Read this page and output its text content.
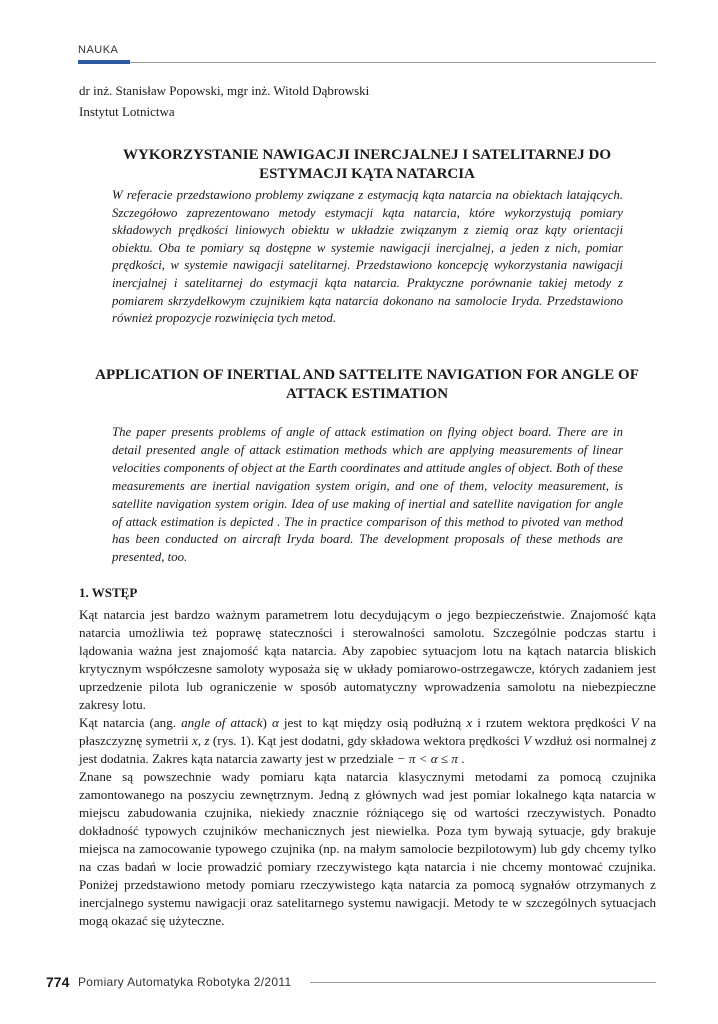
NAUKA
dr inż. Stanisław Popowski, mgr inż. Witold Dąbrowski
Instytut Lotnictwa
WYKORZYSTANIE NAWIGACJI INERCJALNEJ I SATELITARNEJ DO ESTYMACJI KĄTA NATARCIA
W referacie przedstawiono problemy związane z estymacją kąta natarcia na obiektach latających. Szczegółowo zaprezentowano metody estymacji kąta natarcia, które wykorzystują pomiary składowych prędkości liniowych obiektu w układzie związanym z ziemią oraz kąty orientacji obiektu. Oba te pomiary są dostępne w systemie nawigacji inercjalnej, a jeden z nich, pomiar prędkości, w systemie nawigacji satelitarnej. Przedstawiono koncepcję wykorzystania nawigacji inercjalnej i satelitarnej do estymacji kąta natarcia. Praktyczne porównanie takiej metody z pomiarem skrzydełkowym czujnikiem kąta natarcia dokonano na samolocie Iryda. Przedstawiono również propozycje rozwinięcia tych metod.
APPLICATION OF INERTIAL AND SATTELITE NAVIGATION FOR ANGLE OF ATTACK ESTIMATION
The paper presents problems of angle of attack estimation on flying object board. There are in detail presented angle of attack estimation methods which are applying measurements of linear velocities components of object at the Earth coordinates and attitude angles of object. Both of these measurements are inertial navigation system origin, and one of them, velocity measurement, is satellite navigation system origin. Idea of use making of inertial and satellite navigation for angle of attack estimation is depicted . The in practice comparison of this method to pivoted van method has been conducted on aircraft Iryda board. The development proposals of these methods are presented, too.
1. WSTĘP

Kąt natarcia jest bardzo ważnym parametrem lotu decydującym o jego bezpieczeństwie. Znajomość kąta natarcia umożliwia też poprawę stateczności i sterowalności samolotu. Szczególnie podczas startu i lądowania ważna jest znajomość kąta natarcia. Aby zapobiec sytuacjom lotu na kątach natarcia bliskich krytycznym współczesne samoloty wyposaża się w układy pomiarowo-ostrzegawcze, których zadaniem jest uprzedzenie pilota lub ograniczenie w sposób automatyczny wprowadzenia samolotu na niebezpieczne zakresy lotu.

Kąt natarcia (ang. angle of attack) α jest to kąt między osią podłużną x i rzutem wektora prędkości V na płaszczyznę symetrii x, z (rys. 1). Kąt jest dodatni, gdy składowa wektora prędkości V wzdłuż osi normalnej z jest dodatnia. Zakres kąta natarcia zawarty jest w przedziale − π < α ≤ π .

Znane są powszechnie wady pomiaru kąta natarcia klasycznymi metodami za pomocą czujnika zamontowanego na poszyciu zewnętrznym. Jedną z głównych wad jest pomiar lokalnego kąta natarcia w miejscu zabudowania czujnika, niekiedy znacznie różniącego się od wartości rzeczywistych. Ponadto dokładność typowych czujników mechanicznych jest niewielka. Poza tym bywają sytuacje, gdy brakuje miejsca na zamocowanie typowego czujnika (np. na małym samolocie bezpilotowym) lub gdy chcemy tylko na czas badań w locie prowadzić pomiary rzeczywistego kąta natarcia i nie chcemy montować czujnika. Poniżej przedstawiono metody pomiaru rzeczywistego kąta natarcia za pomocą sygnałów otrzymanych z inercjalnego systemu nawigacji oraz satelitarnego systemu nawigacji. Metody te w szczególnych sytuacjach mogą okazać się użyteczne.

774 Pomiary Automatyka Robotyka 2/2011
